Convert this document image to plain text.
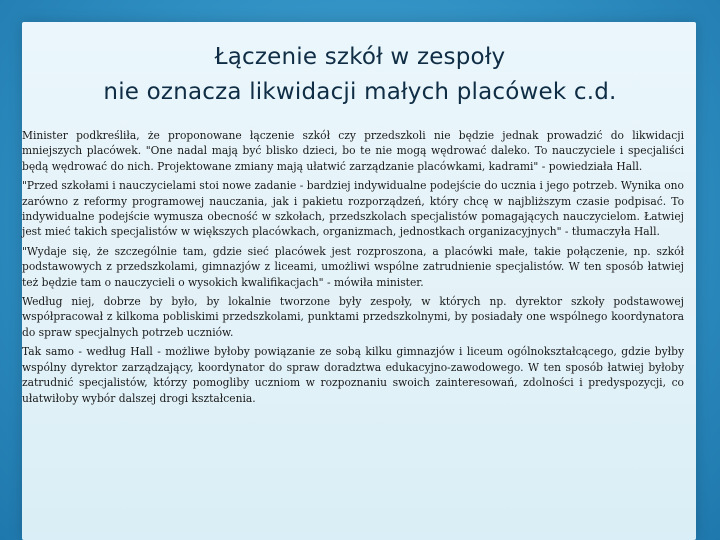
Łączenie szkół w zespoły
nie oznacza likwidacji małych placówek c.d.

Minister podkreśliła, że proponowane łączenie szkół czy przedszkoli nie będzie jednak prowadzić do likwidacji mniejszych placówek. "One nadal mają być blisko dzieci, bo te nie mogą wędrować daleko. To nauczyciele i specjaliści będą wędrować do nich. Projektowane zmiany mają ułatwić zarządzanie placówkami, kadrami" - powiedziała Hall.

"Przed szkołami i nauczycielami stoi nowe zadanie - bardziej indywidualne podejście do ucznia i jego potrzeb. Wynika ono zarówno z reformy programowej nauczania, jak i pakietu rozporządzeń, który chcę w najbliższym czasie podpisać. To indywidualne podejście wymusza obecność w szkołach, przedszkolach specjalistów pomagających nauczycielom. Łatwiej jest mieć takich specjalistów w większych placówkach, organizmach, jednostkach organizacyjnych" - tłumaczyła Hall.

"Wydaje się, że szczególnie tam, gdzie sieć placówek jest rozproszona, a placówki małe, takie połączenie, np. szkół podstawowych z przedszkolami, gimnazjów z liceami, umożliwi wspólne zatrudnienie specjalistów. W ten sposób łatwiej też będzie tam o nauczycieli o wysokich kwalifikacjach" - mówiła minister.

Według niej, dobrze by było, by lokalnie tworzone były zespoły, w których np. dyrektor szkoły podstawowej współpracował z kilkoma pobliskimi przedszkolami, punktami przedszkolnymi, by posiadały one wspólnego koordynatora do spraw specjalnych potrzeb uczniów.

Tak samo - według Hall - możliwe byłoby powiązanie ze sobą kilku gimnazjów i liceum ogólnokształcącego, gdzie byłby wspólny dyrektor zarządzający, koordynator do spraw doradztwa edukacyjno-zawodowego. W ten sposób łatwiej byłoby zatrudnić specjalistów, którzy pomogliby uczniom w rozpoznaniu swoich zainteresowań, zdolności i predyspozycji, co ułatwiłoby wybór dalszej drogi kształcenia.
